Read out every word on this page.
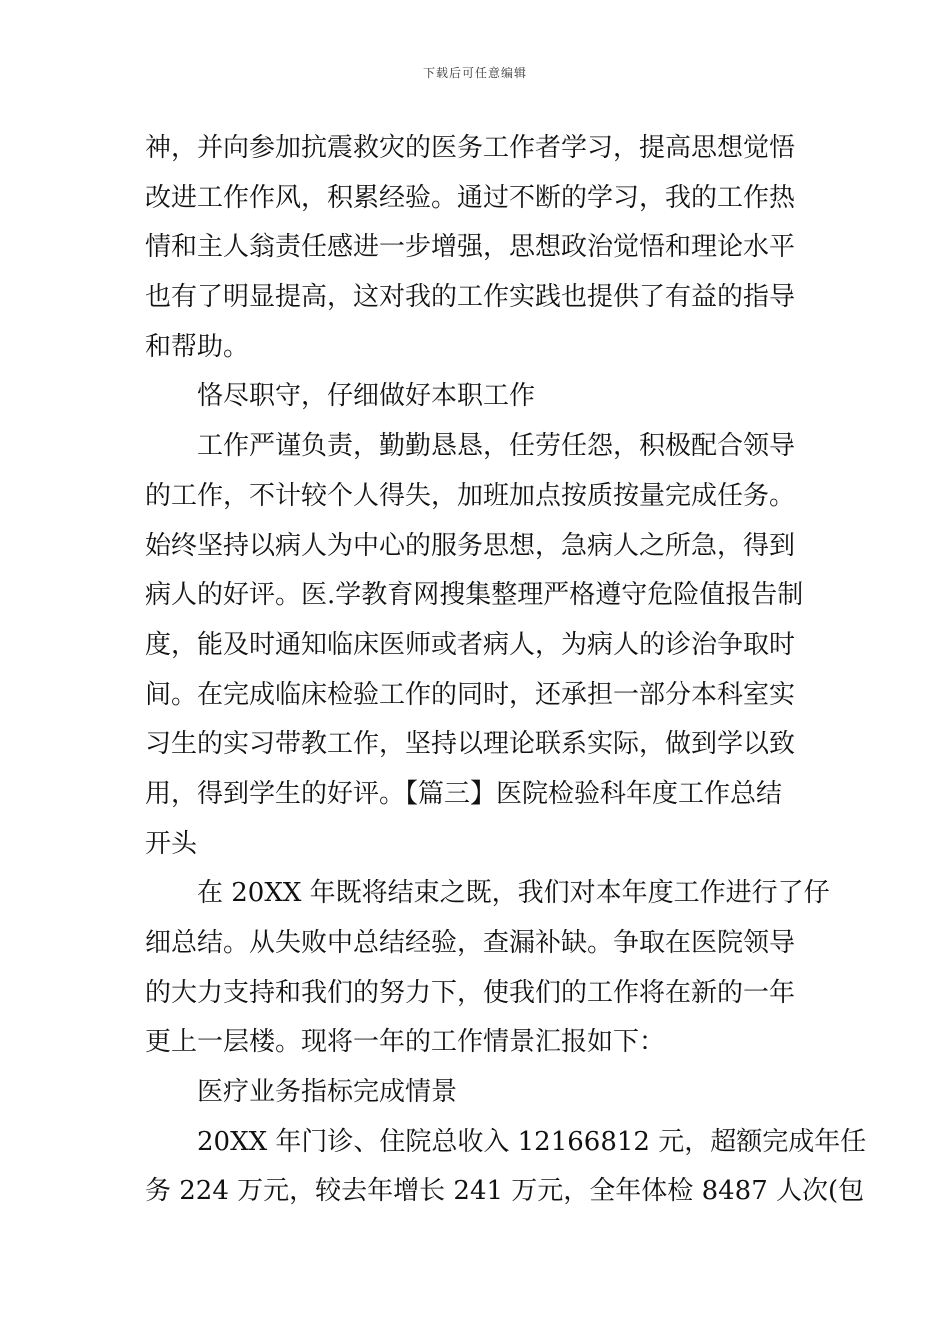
下载后可任意编辑
神，并向参加抗震救灾的医务工作者学习，提高思想觉悟
改进工作作风，积累经验。通过不断的学习，我的工作热
情和主人翁责任感进一步增强，思想政治觉悟和理论水平
也有了明显提高，这对我的工作实践也提供了有益的指导
和帮助。
恪尽职守，仔细做好本职工作
工作严谨负责，勤勤恳恳，任劳任怨，积极配合领导
的工作，不计较个人得失，加班加点按质按量完成任务。
始终坚持以病人为中心的服务思想，急病人之所急，得到
病人的好评。医.学教育网搜集整理严格遵守危险值报告制
度，能及时通知临床医师或者病人，为病人的诊治争取时
间。在完成临床检验工作的同时，还承担一部分本科室实
习生的实习带教工作，坚持以理论联系实际，做到学以致
用，得到学生的好评。【篇三】医院检验科年度工作总结
开头
在 20XX 年既将结束之既，我们对本年度工作进行了仔
细总结。从失败中总结经验，查漏补缺。争取在医院领导
的大力支持和我们的努力下，使我们的工作将在新的一年
更上一层楼。现将一年的工作情景汇报如下：
医疗业务指标完成情景
20XX 年门诊、住院总收入 12166812 元，超额完成年任
务 224 万元，较去年增长 241 万元，全年体检 8487 人次(包
